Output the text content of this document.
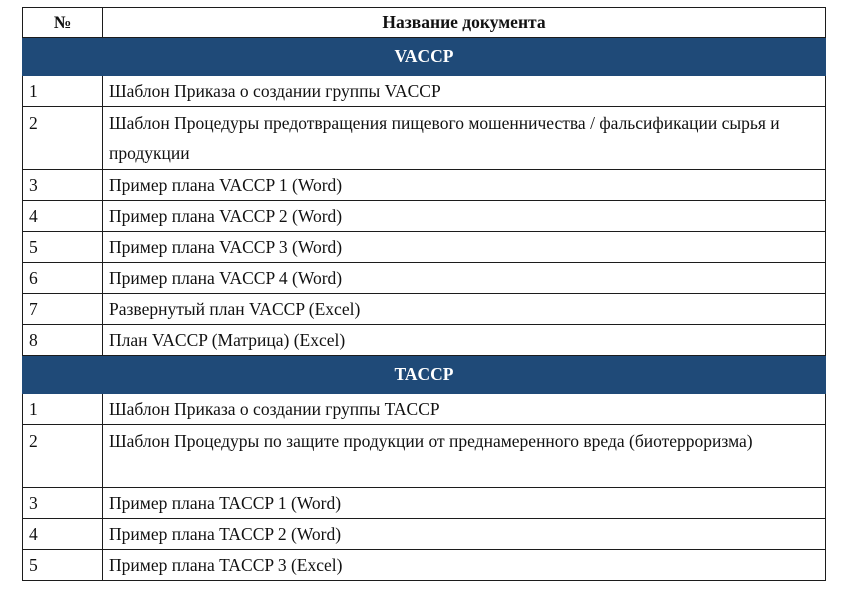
№	Название документа
VACCP	
1	Шаблон Приказа о создании группы VACCP
2	Шаблон Процедуры предотвращения пищевого мошенничества / фальсификации сырья и продукции
3	Пример плана VACCP 1 (Word)
4	Пример плана VACCP 2 (Word)
5	Пример плана VACCP 3 (Word)
6	Пример плана VACCP 4 (Word)
7	Развернутый план VACCP (Excel)
8	План VACCP (Матрица) (Excel)
TACCP	
1	Шаблон Приказа о создании группы TACCP
2	Шаблон Процедуры по защите продукции от преднамеренного вреда (биотерроризма)
3	Пример плана TACCP 1 (Word)
4	Пример плана TACCP 2 (Word)
5	Пример плана TACCP 3 (Excel)
